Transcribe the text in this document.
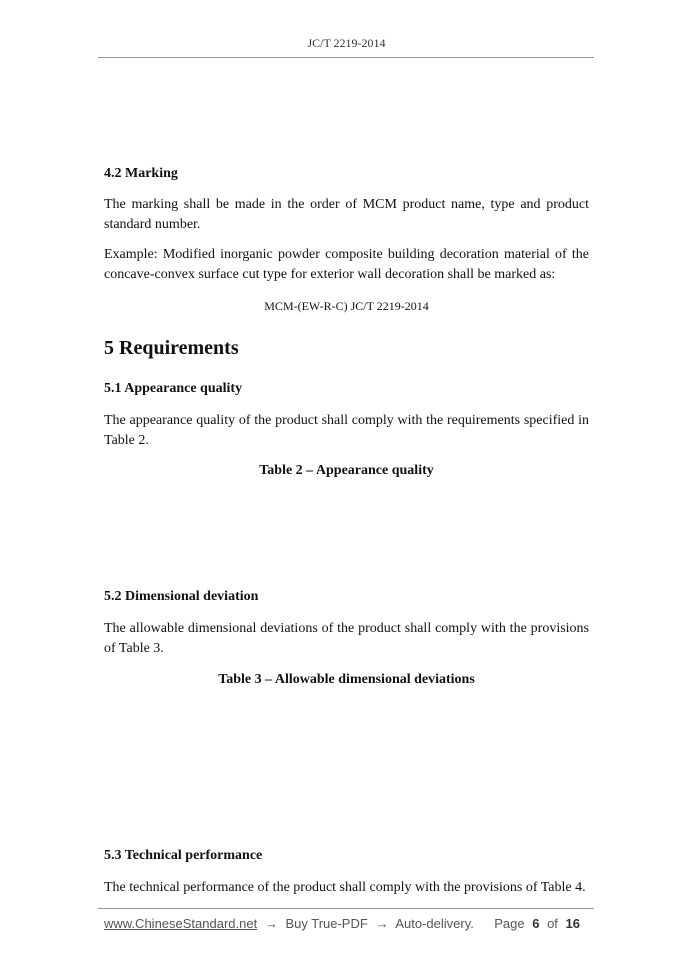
JC/T 2219-2014

4.2 Marking

The marking shall be made in the order of MCM product name, type and product standard number.

Example: Modified inorganic powder composite building decoration material of the concave-convex surface cut type for exterior wall decoration shall be marked as:

MCM-(EW-R-C) JC/T 2219-2014

5 Requirements

5.1 Appearance quality

The appearance quality of the product shall comply with the requirements specified in Table 2.

Table 2 – Appearance quality

5.2 Dimensional deviation

The allowable dimensional deviations of the product shall comply with the provisions of Table 3.

Table 3 – Allowable dimensional deviations

5.3 Technical performance

The technical performance of the product shall comply with the provisions of Table 4.

www.ChineseStandard.net → Buy True-PDF → Auto-delivery. Page 6 of 16
